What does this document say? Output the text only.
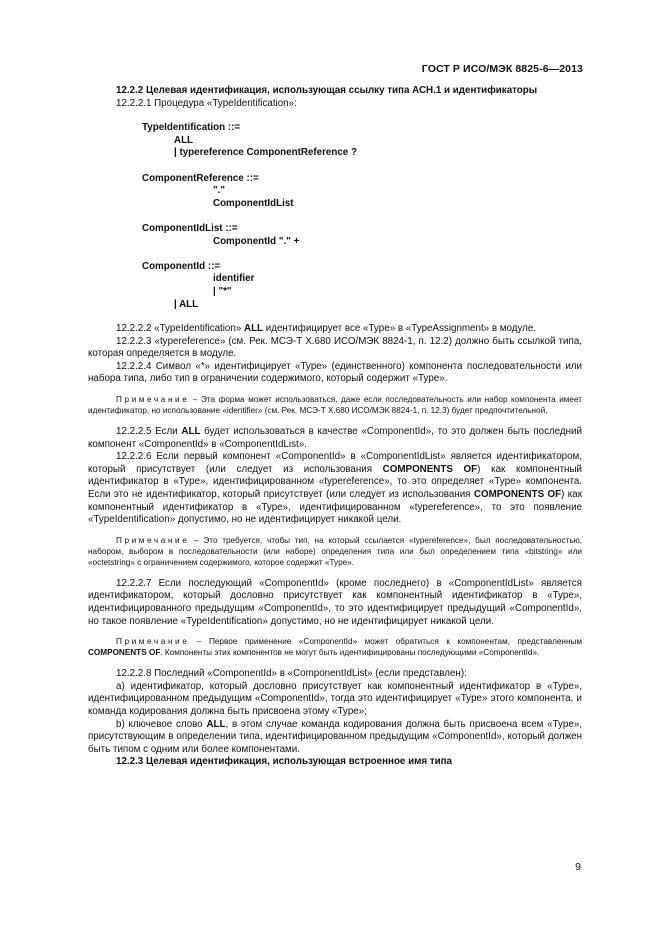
ГОСТ Р ИСО/МЭК 8825-6—2013

12.2.2 Целевая идентификация, использующая ссылку типа АСН.1 и идентификаторы

12.2.2.1 Процедура «TypeIdentification»:

TypeIdentification ::=
ALL
| typereference ComponentReference ?
ComponentReference ::=
"."
ComponentIdList
ComponentIdList ::=
ComponentId "." +
ComponentId ::=
identifier
| "*"
| ALL

12.2.2.2 «TypeIdentification» ALL идентифицирует все «Type» в «TypeAssignment» в модуле.

12.2.2.3 «typereference» (см. Рек. МСЭ-Т Х.680 ИСО/МЭК 8824-1, п. 12.2) должно быть ссылкой типа, которая определяется в модуле.

12.2.2.4 Символ «*» идентифицирует «Type» (единственного) компонента последовательности или набора типа, либо тип в ограничении содержимого, который содержит «Type».

Примечание – Эта форма может использоваться, даже если последовательность или набор компонента имеет идентификатор, но использование «identifier» (см. Рек. МСЭ-Т Х.680 ИСО/МЭК 8824-1, п. 12.3) будет предпочтительной.

12.2.2.5 Если ALL будет использоваться в качестве «ComponentId», то это должен быть последний компонент «ComponentId» в «ComponentIdList».

12.2.2.6 Если первый компонент «ComponentId» в «ComponentIdList» является идентификатором, который присутствует (или следует из использования COMPONENTS OF) как компонентный идентификатор в «Type», идентифицированном «typereference», то это определяет «Type» компонента. Если это не идентификатор, который присутствует (или следует из использования COMPONENTS OF) как компонентный идентификатор в «Type», идентифицированном «typereference», то это появление «TypeIdentification» допустимо, но не идентифицирует никакой цели.

Примечание – Это требуется, чтобы тип, на который ссылается «typereference», был последовательностью, набором, выбором в последовательности (или наборе) определения типа или был определением типа «bitstring» или «octetstring» с ограничением содержимого, которое содержит «Type».

12.2.2.7 Если последующий «ComponentId» (кроме последнего) в «ComponentIdList» является идентификатором, который дословно присутствует как компонентный идентификатор в «Type», идентифицированного предыдущим «ComponentId», то это идентифицирует предыдущий «ComponentId», но такое появление «TypeIdentification» допустимо, но не идентифицирует никакой цели.

Примечание – Первое применение «ComponentId» может обратиться к компонентам, представленным COMPONENTS OF. Компоненты этих компонентов не могут быть идентифицированы последующими «ComponentId».

12.2.2.8 Последний «ComponentId» в «ComponentIdList» (если представлен):

a) идентификатор, который дословно присутствует как компонентный идентификатор в «Type», идентифицированном предыдущим «ComponentId», тогда это идентифицирует «Type» этого компонента, и команда кодирования должна быть присвоена этому «Type»;

b) ключевое слово ALL, в этом случае команда кодирования должна быть присвоена всем «Type», присутствующим в определении типа, идентифицированном предыдущим «ComponentId», который должен быть типом с одним или более компонентами.

12.2.3 Целевая идентификация, использующая встроенное имя типа

9
